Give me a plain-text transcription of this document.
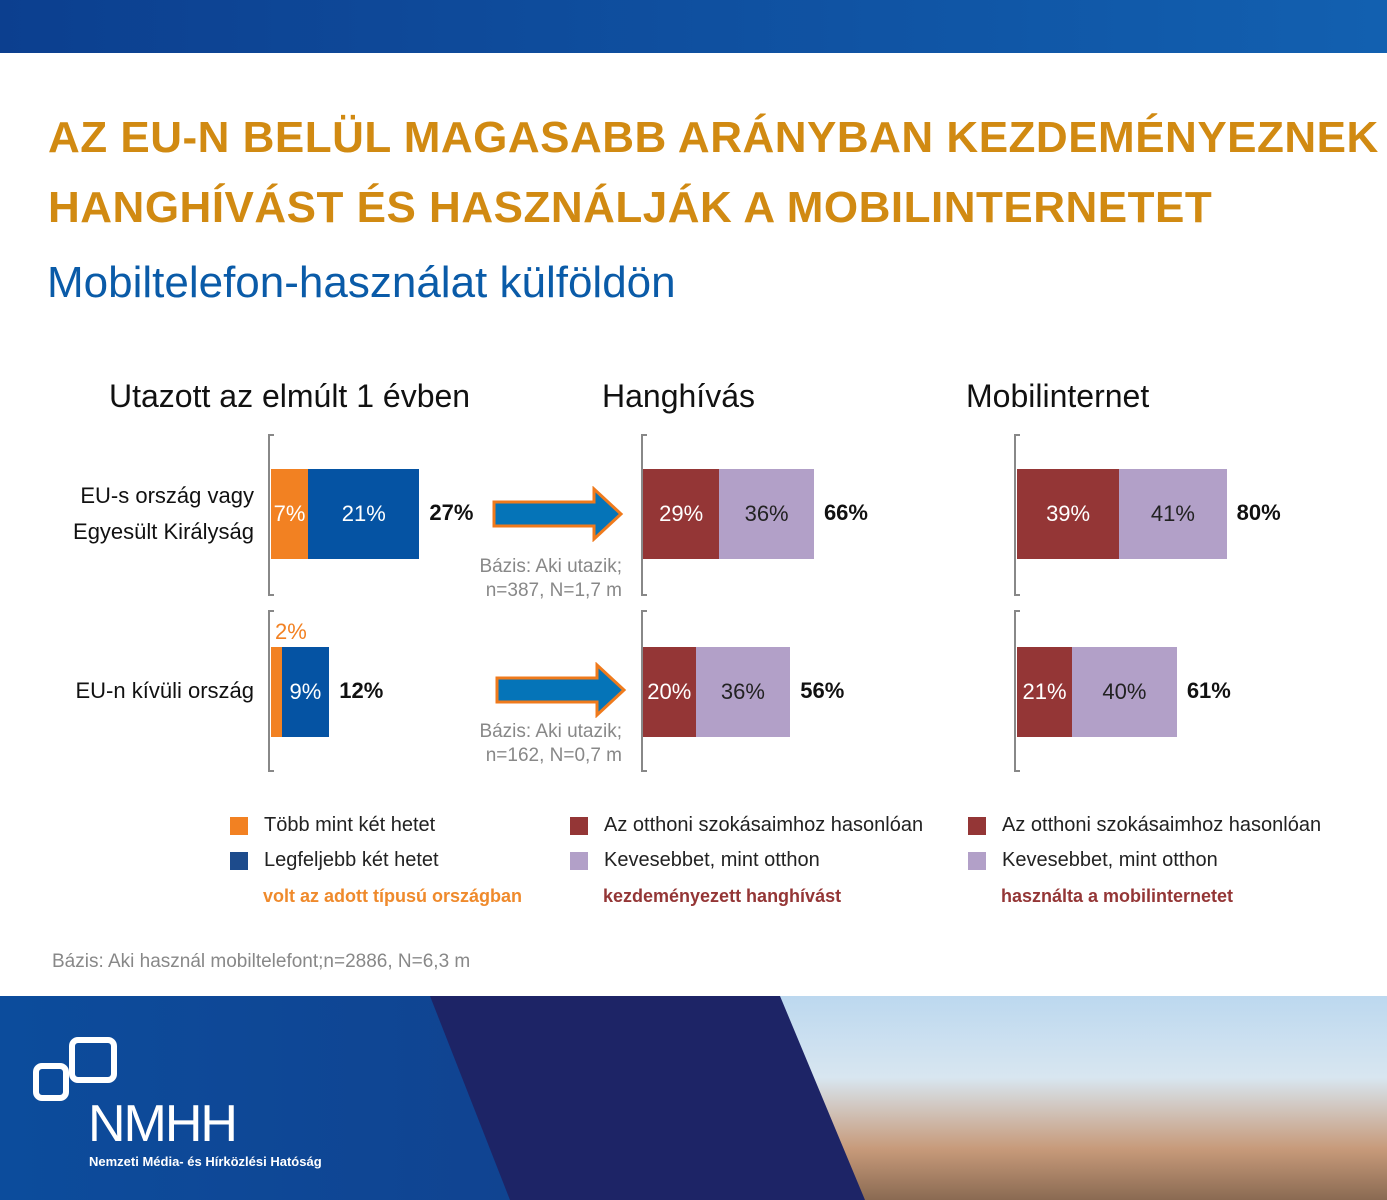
AZ EU-N BELÜL MAGASABB ARÁNYBAN KEZDEMÉNYEZNEK
HANGHÍVÁST ÉS HASZNÁLJÁK A MOBILINTERNETET
Mobiltelefon-használat külföldön
Utazott az elmúlt 1 évben	Hanghívás	Mobilinternet
EU-s ország vagy
Egyesült Királyság
EU-n kívüli ország
7% 21% 27%
2%
9% 12%
29% 36% 66%
20% 36% 56%
39%	41% 80%
21% 40% 61%
Bázis: Aki utazik;
n=387, N=1,7 m
Bázis: Aki utazik;
n=162, N=0,7 m
Több mint két hetet
Legfeljebb két hetet
volt az adott típusú országban
Az otthoni szokásaimhoz hasonlóan
Kevesebbet, mint otthon
kezdeményezett hanghívást
Az otthoni szokásaimhoz hasonlóan
Kevesebbet, mint otthon
használta a mobilinternetet
Bázis: Aki használ mobiltelefont;n=2886, N=6,3 m
NMHH
Nemzeti Média- és Hírközlési Hatóság
